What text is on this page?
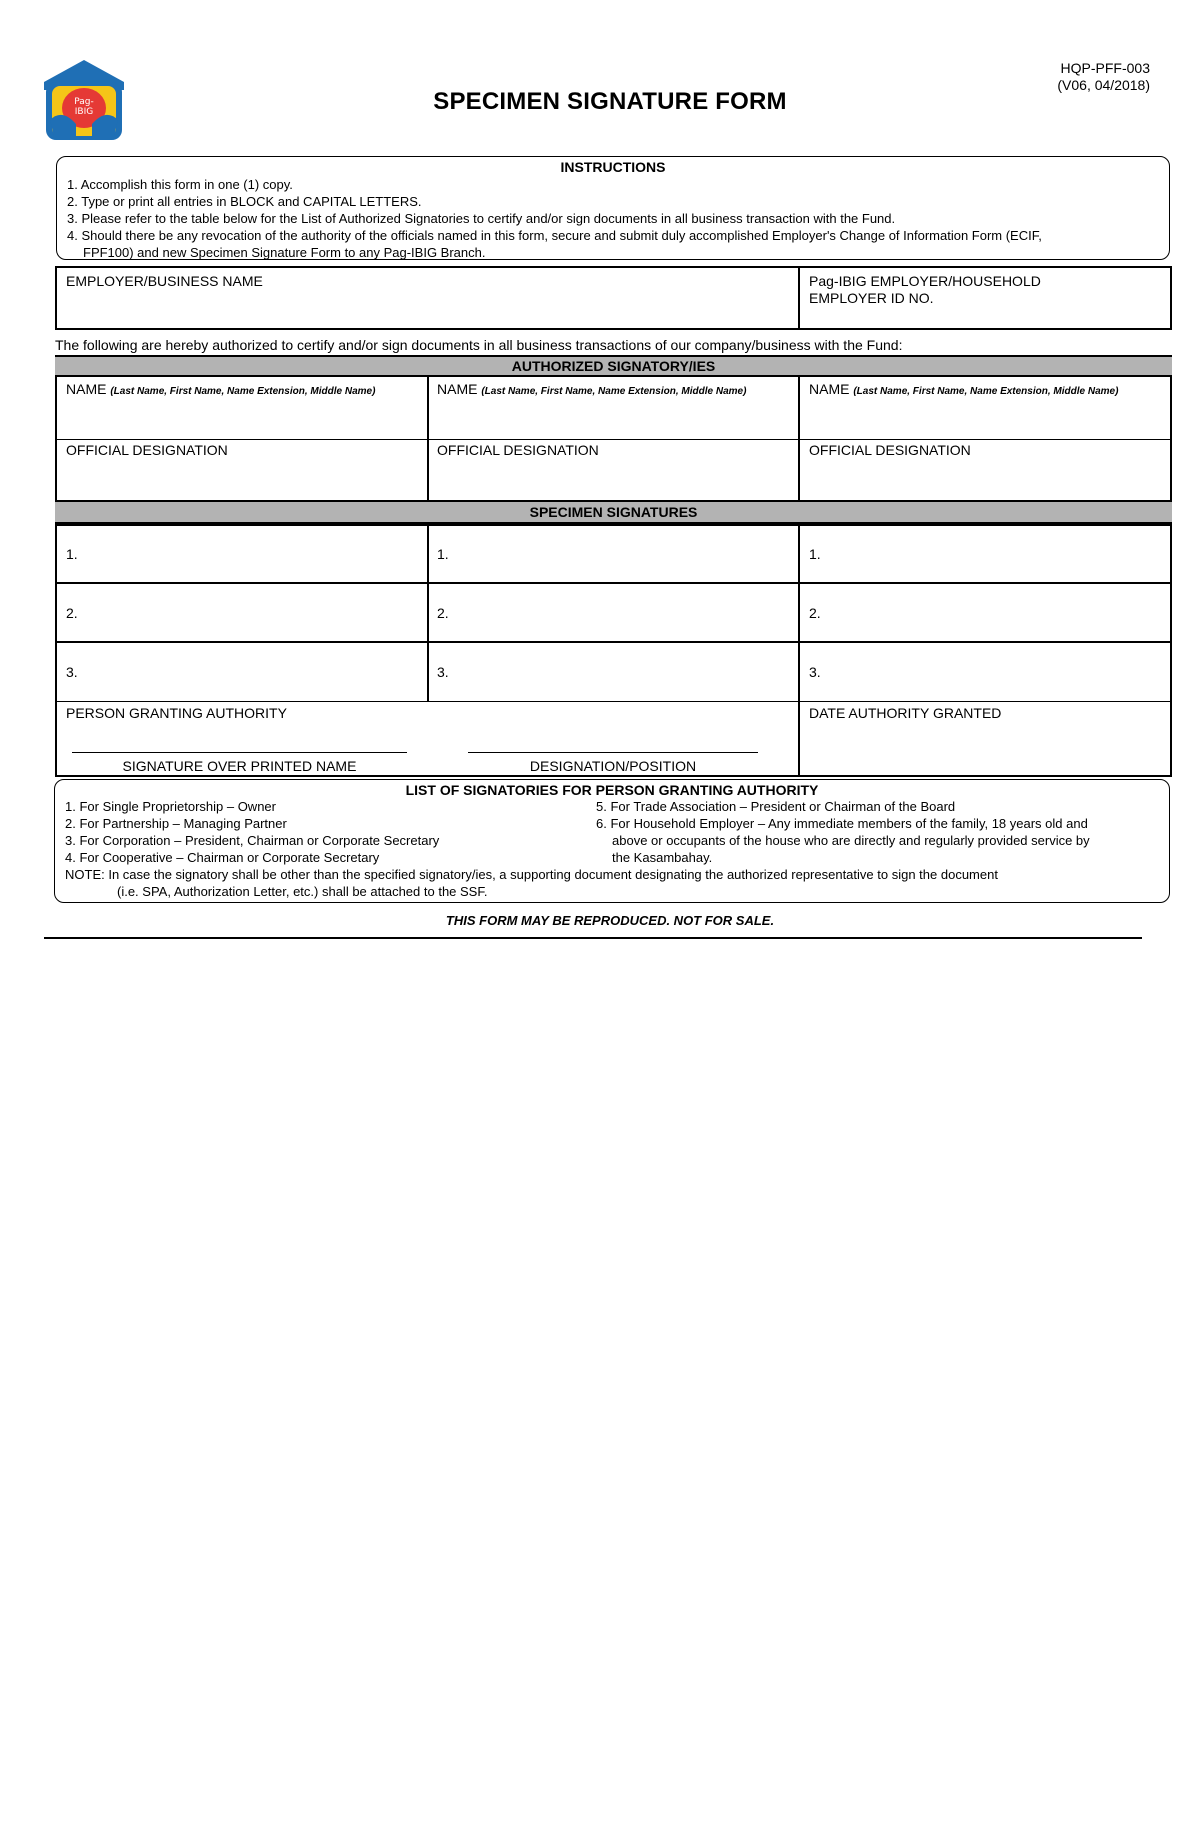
Pag-
IBIG	SPECIMEN SIGNATURE FORM
HQP-PFF-003
(V06, 04/2018)
INSTRUCTIONS
1. Accomplish this form in one (1) copy.
2. Type or print all entries in BLOCK and CAPITAL LETTERS.
3. Please refer to the table below for the List of Authorized Signatories to certify and/or sign documents in all business transaction with the Fund.
4. Should there be any revocation of the authority of the officials named in this form, secure and submit duly accomplished Employer's Change of Information Form (ECIF,
FPF100) and new Specimen Signature Form to any Pag-IBIG Branch.
EMPLOYER/BUSINESS NAME	Pag-IBIG EMPLOYER/HOUSEHOLD
EMPLOYER ID NO.
The following are hereby authorized to certify and/or sign documents in all business transactions of our company/business with the Fund:
AUTHORIZED SIGNATORY/IES
SPECIMEN SIGNATURES
NAME (Last Name, First Name, Name Extension, Middle Name)	NAME (Last Name, First Name, Name Extension, Middle Name)	NAME (Last Name, First Name, Name Extension, Middle Name)
OFFICIAL DESIGNATION	OFFICIAL DESIGNATION	OFFICIAL DESIGNATION
1.	1.	1.
2.	2.	2.
3.	3.	3.
PERSON GRANTING AUTHORITY
SIGNATURE OVER PRINTED NAME	DESIGNATION/POSITION
DATE AUTHORITY GRANTED
LIST OF SIGNATORIES FOR PERSON GRANTING AUTHORITY
1. For Single Proprietorship – Owner
2. For Partnership – Managing Partner
3. For Corporation – President, Chairman or Corporate Secretary
4. For Cooperative – Chairman or Corporate Secretary
5. For Trade Association – President or Chairman of the Board
6. For Household Employer – Any immediate members of the family, 18 years old and
above or occupants of the house who are directly and regularly provided service by
the Kasambahay.
NOTE: In case the signatory shall be other than the specified signatory/ies, a supporting document designating the authorized representative to sign the document
(i.e. SPA, Authorization Letter, etc.) shall be attached to the SSF.
THIS FORM MAY BE REPRODUCED. NOT FOR SALE.
